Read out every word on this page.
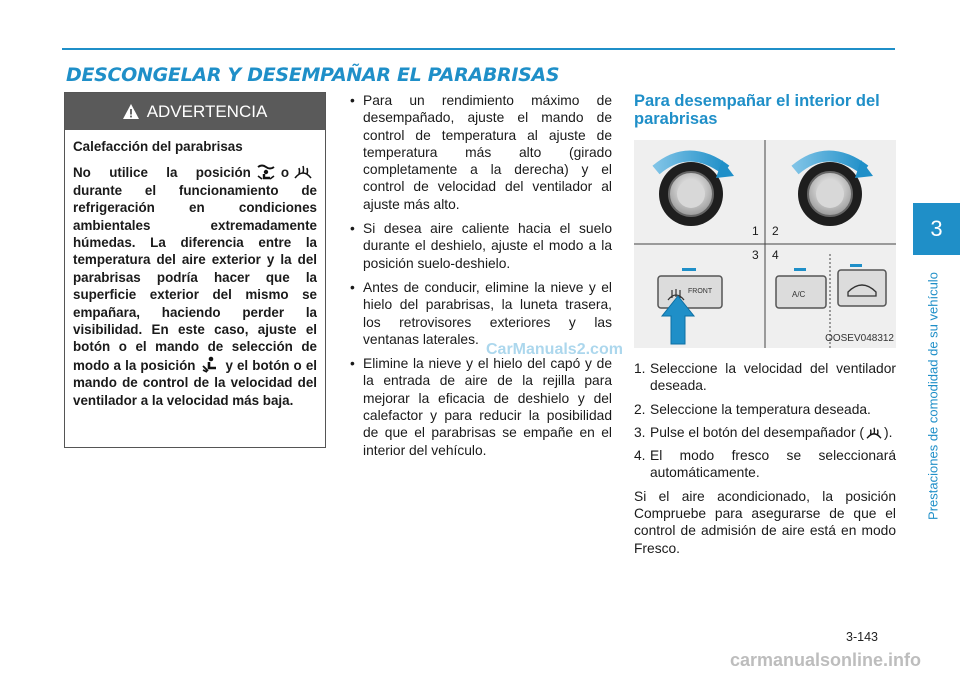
DESCONGELAR Y DESEMPAÑAR EL PARABRISAS
ADVERTENCIA

Calefacción del parabrisas

No utilice la posición o durante el funcionamiento de refrigeración en condiciones ambientales extremadamente húmedas. La diferencia entre la temperatura del aire exterior y la del parabrisas podría hacer que la superficie exterior del mismo se empañara, haciendo perder la visibilidad. En este caso, ajuste el botón o el mando de selección de modo a la posición y el botón o el mando de control de la velocidad del ventilador a la velocidad más baja.

• Para un rendimiento máximo de desempañado, ajuste el mando de control de temperatura al ajuste de temperatura más alto (girado completamente a la derecha) y el control de velocidad del ventilador al ajuste más alto.
• Si desea aire caliente hacia el suelo durante el deshielo, ajuste el modo a la posición suelo-deshielo.
• Antes de conducir, elimine la nieve y el hielo del parabrisas, la luneta trasera, los retrovisores exteriores y las ventanas laterales.
• Elimine la nieve y el hielo del capó y de la entrada de aire de la rejilla para mejorar la eficacia de deshielo y del calefactor y para reducir la posibilidad de que el parabrisas se empañe en el interior del vehículo.
Para desempañar el interior del parabrisas
1 2
3 4
FRONT	A/C
OOSEV048312
1. Seleccione la velocidad del ventilador deseada.
2. Seleccione la temperatura deseada.
3. Pulse el botón del desempañador ( ).
4. El modo fresco se seleccionará automáticamente.

Si el aire acondicionado, la posición Compruebe para asegurarse de que el control de admisión de aire está en modo Fresco.

3
Prestaciones de comodidad de su vehículo
3-143
CarManuals2.com
carmanualsonline.info
